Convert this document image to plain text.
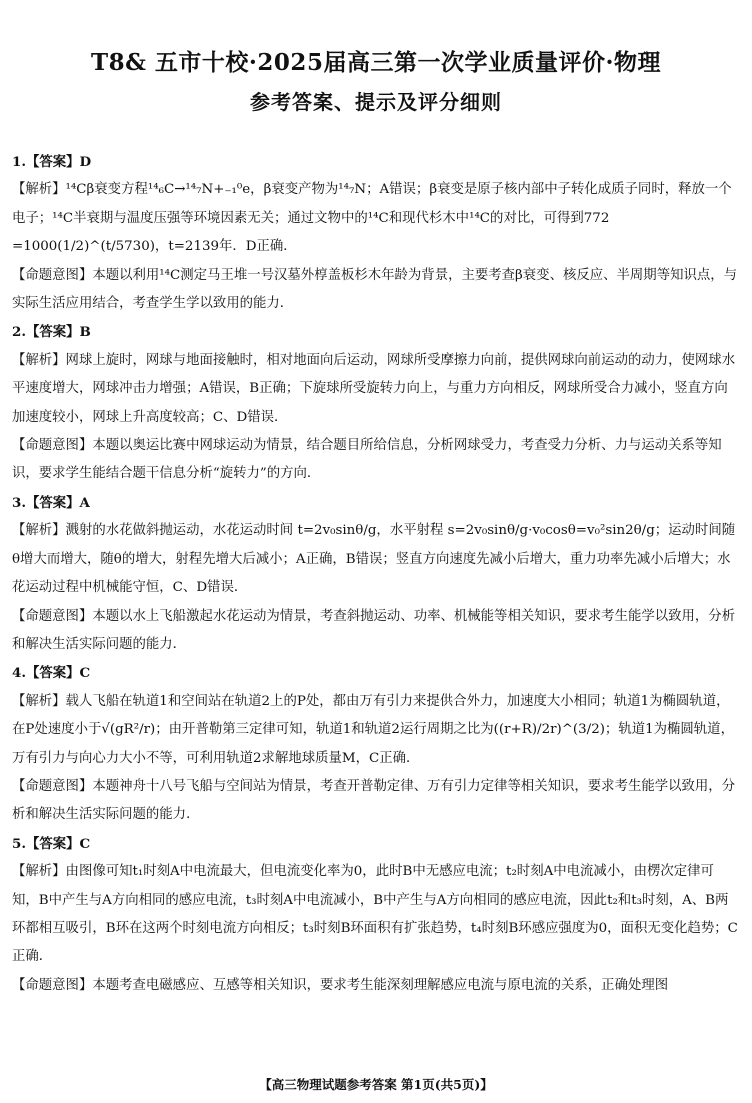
T8& 五市十校·2025届高三第一次学业质量评价·物理
参考答案、提示及评分细则

1.【答案】D

【解析】¹⁴Cβ衰变方程¹⁴₆C→¹⁴₇N+₋₁⁰e，β衰变产物为¹⁴₇N；A错误；β衰变是原子核内部中子转化成质子同时，释放一个电子；¹⁴C半衰期与温度压强等环境因素无关；通过文物中的¹⁴C和现代杉木中¹⁴C的对比，可得到772 =1000(1/2)^(t/5730)，t=2139年．D正确．

【命题意图】本题以利用¹⁴C测定马王堆一号汉墓外椁盖板杉木年龄为背景，主要考查β衰变、核反应、半周期等知识点，与实际生活应用结合，考查学生学以致用的能力．

2.【答案】B

【解析】网球上旋时，网球与地面接触时，相对地面向后运动，网球所受摩擦力向前，提供网球向前运动的动力，使网球水平速度增大，网球冲击力增强；A错误，B正确；下旋球所受旋转力向上，与重力方向相反，网球所受合力减小，竖直方向加速度较小，网球上升高度较高；C、D错误．

【命题意图】本题以奥运比赛中网球运动为情景，结合题目所给信息，分析网球受力，考查受力分析、力与运动关系等知识，要求学生能结合题干信息分析“旋转力”的方向．

3.【答案】A

【解析】溅射的水花做斜抛运动，水花运动时间 t=2v₀sinθ/g，水平射程 s=2v₀sinθ/g·v₀cosθ=v₀²sin2θ/g；运动时间随θ增大而增大，随θ的增大，射程先增大后减小；A正确，B错误；竖直方向速度先减小后增大，重力功率先减小后增大；水花运动过程中机械能守恒，C、D错误．

【命题意图】本题以水上飞船激起水花运动为情景，考查斜抛运动、功率、机械能等相关知识，要求考生能学以致用，分析和解决生活实际问题的能力．

4.【答案】C

【解析】载人飞船在轨道1和空间站在轨道2上的P处，都由万有引力来提供合外力，加速度大小相同；轨道1为椭圆轨道，在P处速度小于√(gR²/r)；由开普勒第三定律可知，轨道1和轨道2运行周期之比为((r+R)/2r)^(3/2)；轨道1为椭圆轨道，万有引力与向心力大小不等，可利用轨道2求解地球质量M，C正确．

【命题意图】本题神舟十八号飞船与空间站为情景，考查开普勒定律、万有引力定律等相关知识，要求考生能学以致用，分析和解决生活实际问题的能力．

5.【答案】C

【解析】由图像可知t₁时刻A中电流最大，但电流变化率为0，此时B中无感应电流；t₂时刻A中电流减小，由楞次定律可知，B中产生与A方向相同的感应电流，t₃时刻A中电流减小，B中产生与A方向相同的感应电流，因此t₂和t₃时刻，A、B两环都相互吸引，B环在这两个时刻电流方向相反；t₃时刻B环面积有扩张趋势，t₄时刻B环感应强度为0，面积无变化趋势；C正确．

【命题意图】本题考查电磁感应、互感等相关知识，要求考生能深刻理解感应电流与原电流的关系，正确处理图

【高三物理试题参考答案 第1页(共5页)】
